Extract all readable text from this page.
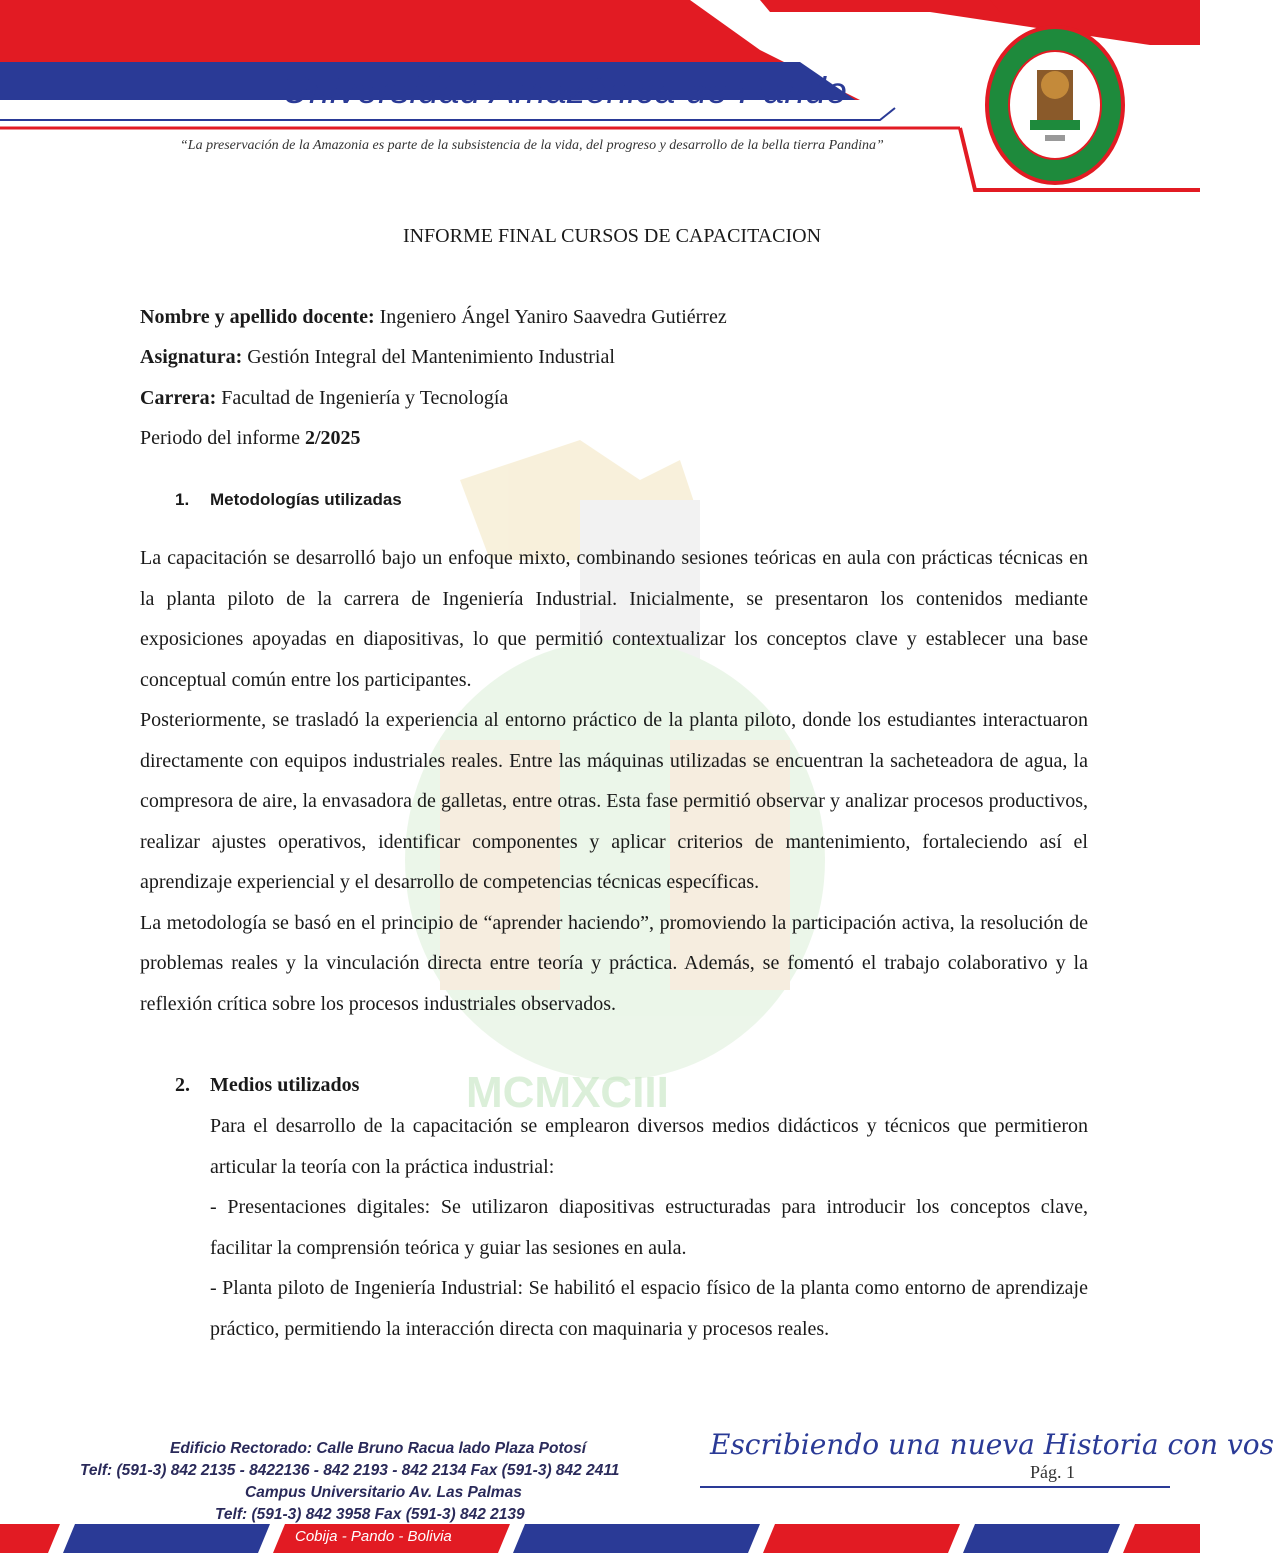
Universidad Amazónica de Pando
“La preservación de la Amazonia es parte de la subsistencia de la vida, del progreso y desarrollo de la bella tierra Pandina”
MCMXCIII
INFORME FINAL CURSOS DE CAPACITACION
Nombre y apellido docente: Ingeniero Ángel Yaniro Saavedra Gutiérrez
Asignatura: Gestión Integral del Mantenimiento Industrial
Carrera: Facultad de Ingeniería y Tecnología
Periodo del informe 2/2025
1. Metodologías utilizadas

La capacitación se desarrolló bajo un enfoque mixto, combinando sesiones teóricas en aula con prácticas técnicas en la planta piloto de la carrera de Ingeniería Industrial. Inicialmente, se presentaron los contenidos mediante exposiciones apoyadas en diapositivas, lo que permitió contextualizar los conceptos clave y establecer una base conceptual común entre los participantes.

Posteriormente, se trasladó la experiencia al entorno práctico de la planta piloto, donde los estudiantes interactuaron directamente con equipos industriales reales. Entre las máquinas utilizadas se encuentran la sacheteadora de agua, la compresora de aire, la envasadora de galletas, entre otras. Esta fase permitió observar y analizar procesos productivos, realizar ajustes operativos, identificar componentes y aplicar criterios de mantenimiento, fortaleciendo así el aprendizaje experiencial y el desarrollo de competencias técnicas específicas.

La metodología se basó en el principio de “aprender haciendo”, promoviendo la participación activa, la resolución de problemas reales y la vinculación directa entre teoría y práctica. Además, se fomentó el trabajo colaborativo y la reflexión crítica sobre los procesos industriales observados.

2. Medios utilizados

Para el desarrollo de la capacitación se emplearon diversos medios didácticos y técnicos que permitieron articular la teoría con la práctica industrial:

- Presentaciones digitales: Se utilizaron diapositivas estructuradas para introducir los conceptos clave, facilitar la comprensión teórica y guiar las sesiones en aula.

- Planta piloto de Ingeniería Industrial: Se habilitó el espacio físico de la planta como entorno de aprendizaje práctico, permitiendo la interacción directa con maquinaria y procesos reales.

Edificio Rectorado: Calle Bruno Racua lado Plaza Potosí
Telf: (591-3) 842 2135 - 8422136 - 842 2193 - 842 2134 Fax (591-3) 842 2411
Campus Universitario Av. Las Palmas
Telf: (591-3) 842 3958 Fax (591-3) 842 2139
Escribiendo una nueva Historia con vos
Pág. 1
Cobija - Pando - Bolivia
